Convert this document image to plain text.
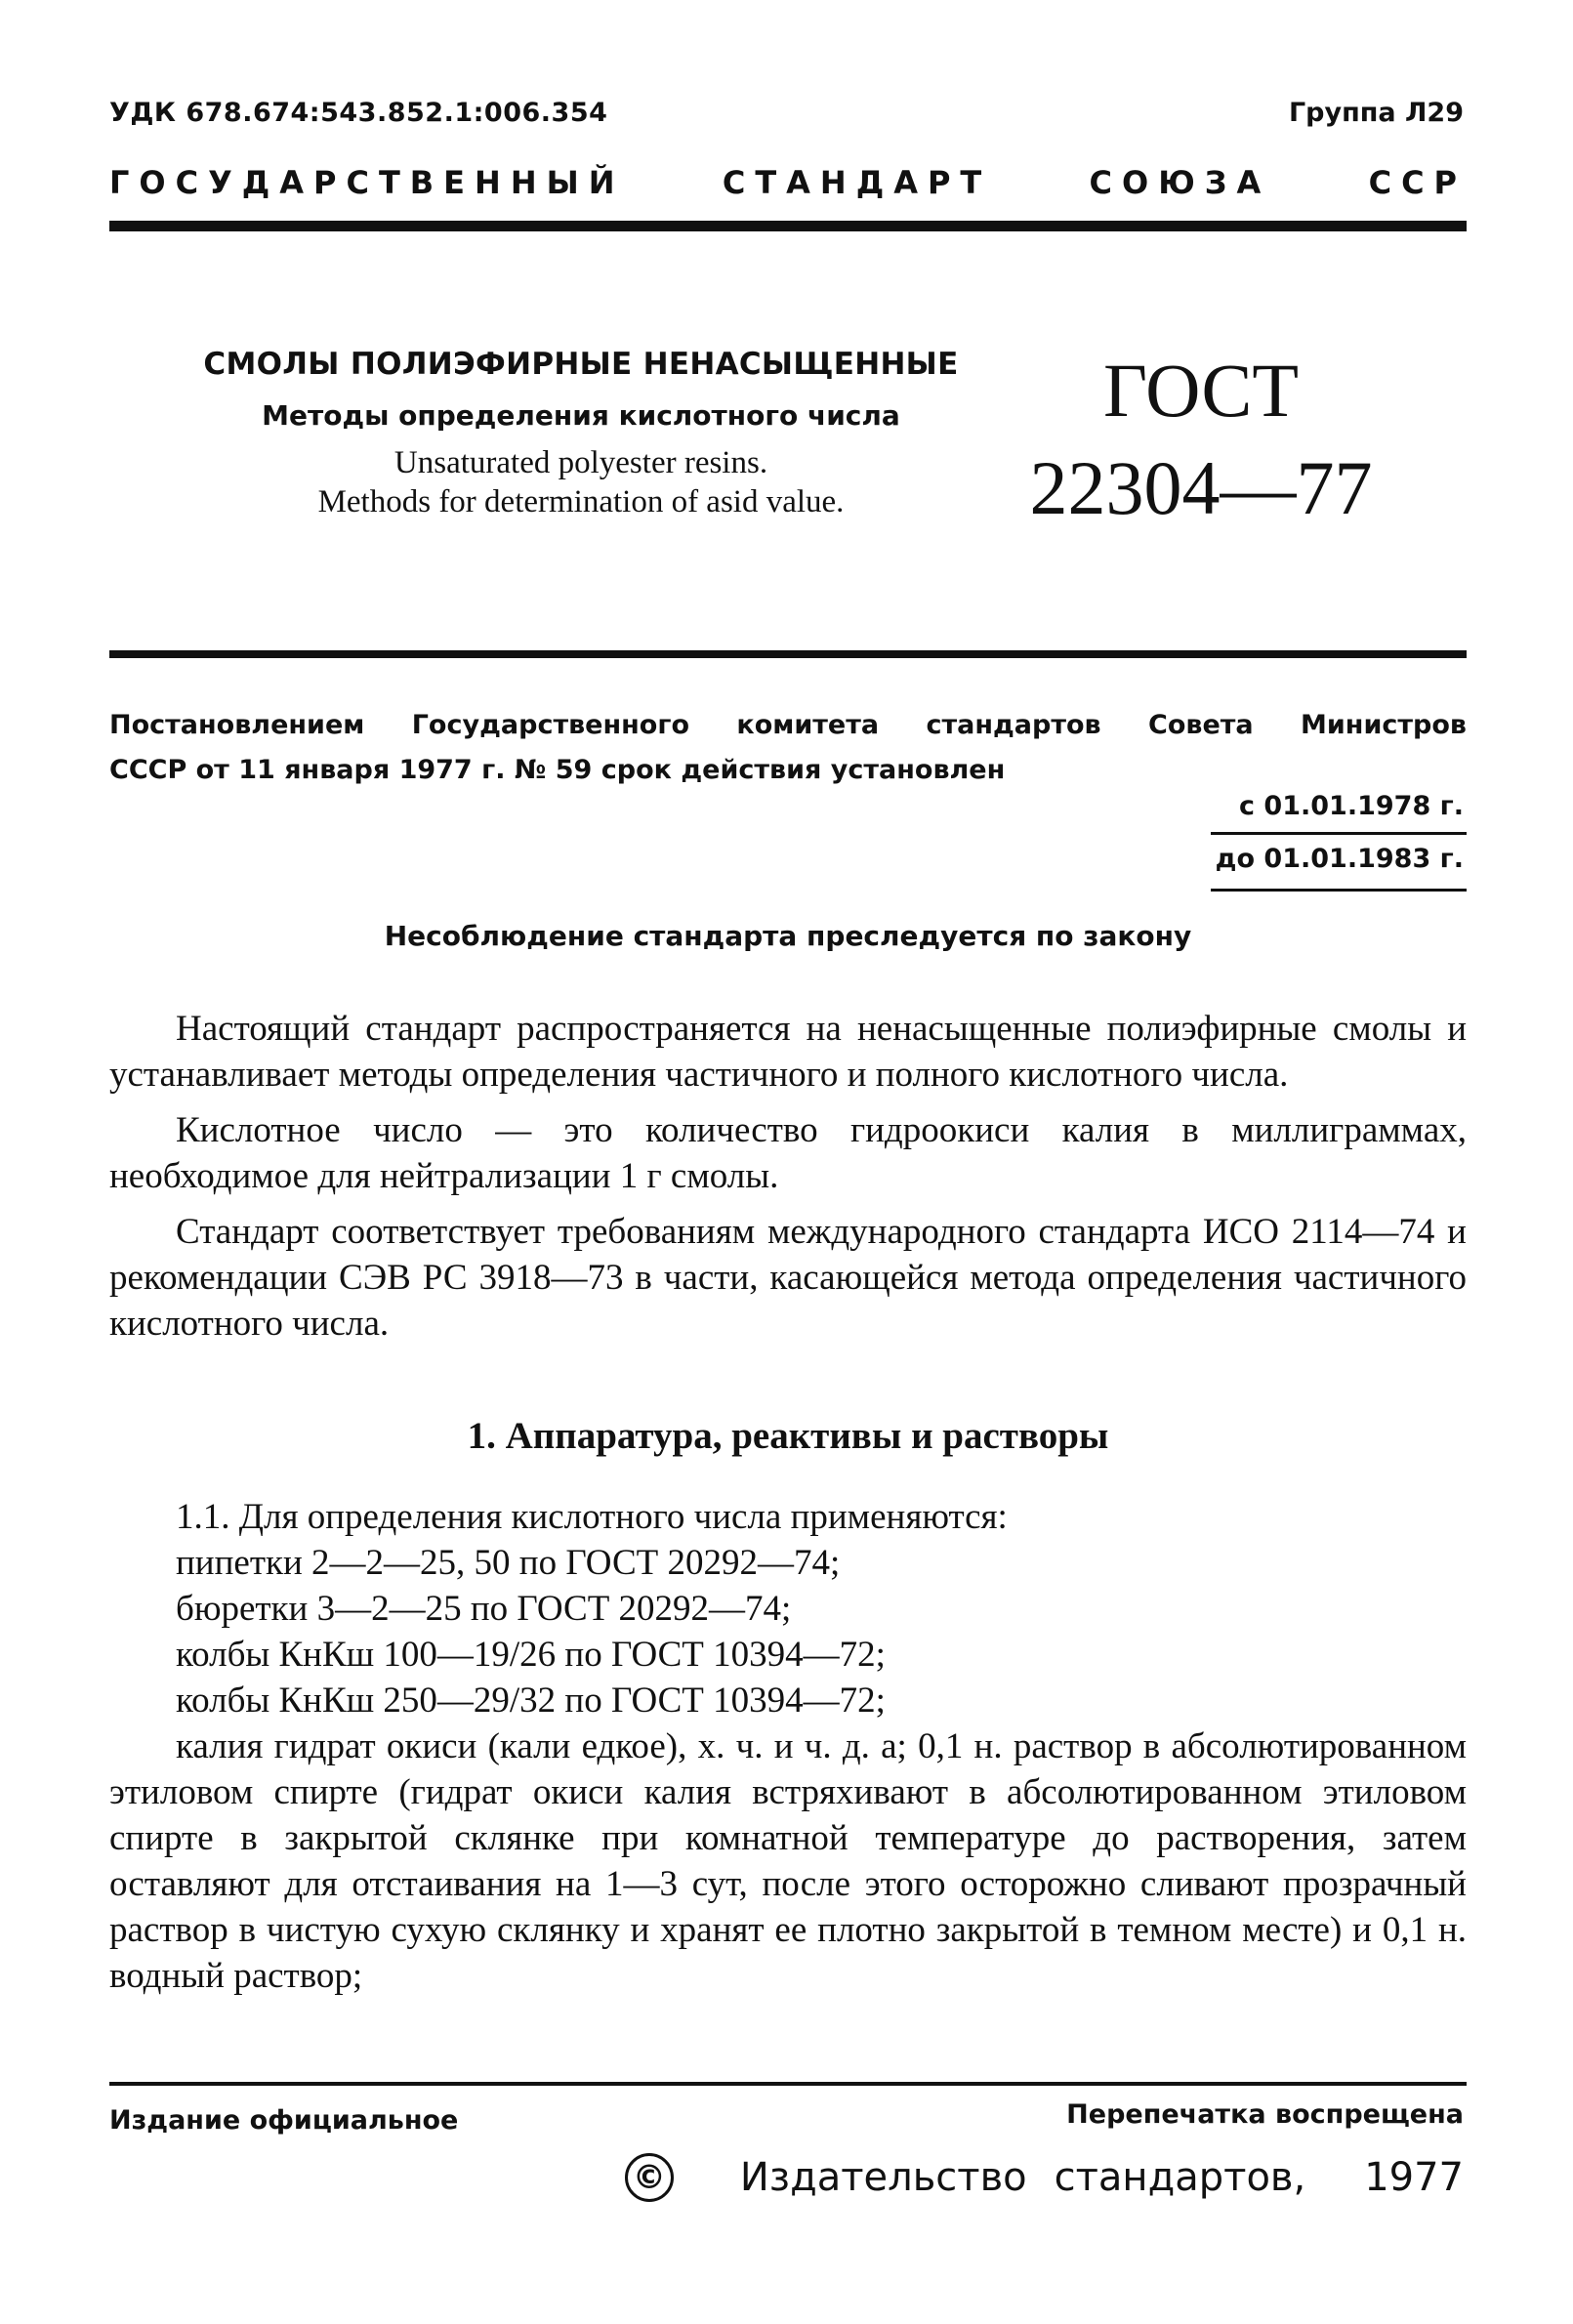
УДК 678.674:543.852.1:006.354	Группа Л29
ГОСУДАРСТВЕННЫЙ	СТАНДАРТ	СОЮЗА	ССР
СМОЛЫ ПОЛИЭФИРНЫЕ НЕНАСЫЩЕННЫЕ
Методы определения кислотного числа
Unsaturated polyester resins.
Methods for determination of asid value.
ГОСТ
22304—77
Постановлением Государственного комитета стандартов Совета Министров
СССР от 11 января 1977 г. № 59 срок действия установлен
с 01.01.1978 г.
до 01.01.1983 г.
Несоблюдение стандарта преследуется по закону

Настоящий стандарт распространяется на ненасыщенные полиэфирные смолы и устанавливает методы определения частичного и полного кислотного числа.

Кислотное число — это количество гидроокиси калия в миллиграммах, необходимое для нейтрализации 1 г смолы.

Стандарт соответствует требованиям международного стандарта ИСО 2114—74 и рекомендации СЭВ РС 3918—73 в части, касающейся метода определения частичного кислотного числа.

1. Аппаратура, реактивы и растворы

1.1. Для определения кислотного числа применяются:

пипетки 2—2—25, 50 по ГОСТ 20292—74;

бюретки 3—2—25 по ГОСТ 20292—74;

колбы КнКш 100—19/26 по ГОСТ 10394—72;

колбы КнКш 250—29/32 по ГОСТ 10394—72;

калия гидрат окиси (кали едкое), х. ч. и ч. д. а; 0,1 н. раствор в абсолютированном этиловом спирте (гидрат окиси калия встряхивают в абсолютированном этиловом спирте в закрытой склянке при комнатной температуре до растворения, затем оставляют для отстаивания на 1—3 сут, после этого осторожно сливают прозрачный раствор в чистую сухую склянку и хранят ее плотно закрытой в темном месте) и 0,1 н. водный раствор;

Издание официальное	Перепечатка воспрещена
© Издательство стандартов, 1977
